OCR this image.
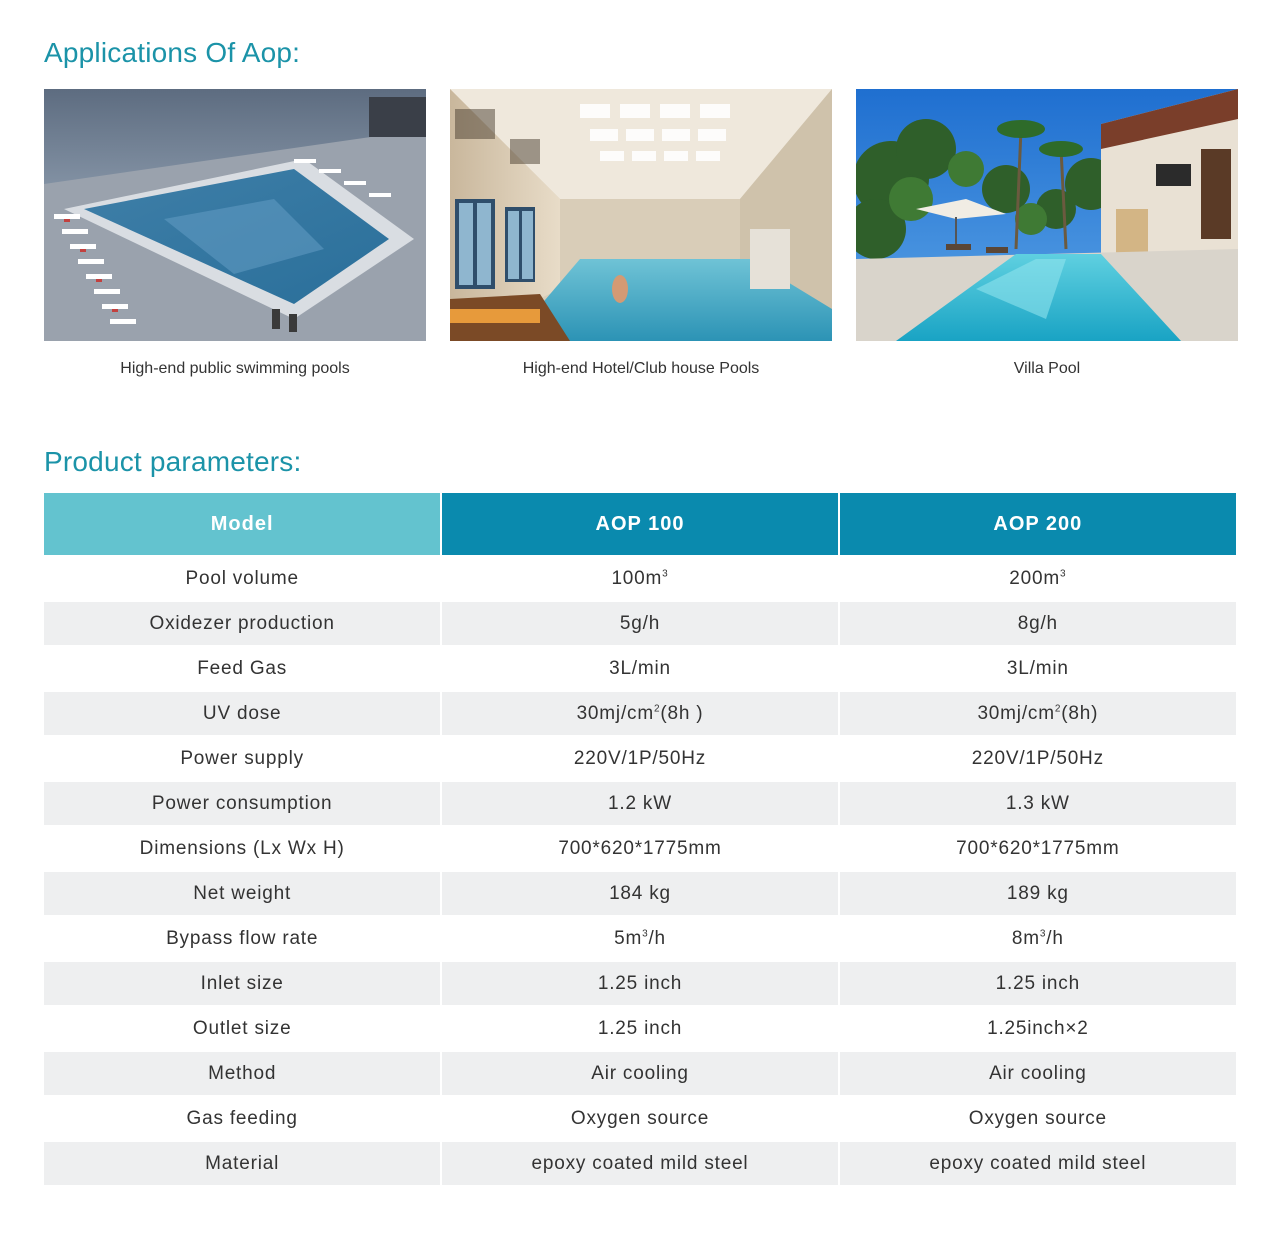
Applications Of Aop:
High-end public swimming pools	High-end Hotel/Club house Pools	Villa Pool
Product parameters:
Model	AOP 100	AOP 200
Pool volume	$100m^3$	$200m^3$
Oxidezer production	5g/h	8g/h
Feed Gas	3L/min	3L/min
UV dose	$30mj/cm^2(8h$ )	$30mj/cm^2(8h)$
Power supply	220V/1P/50Hz	220V/1P/50Hz
Power consumption	1.2 kW	1.3 kW
Dimensions (Lx Wx H)	700*620*1775mm	700*620*1775mm
Net weight	184 kg	189 kg
Bypass flow rate	$5m^3/h$	$8m^3/h$
Inlet size	1.25 inch	1.25 inch
Outlet size	1.25 inch	1.25inch×2
Method	Air cooling	Air cooling
Gas feeding	Oxygen source	Oxygen source
Material	epoxy coated mild steel	epoxy coated mild steel
